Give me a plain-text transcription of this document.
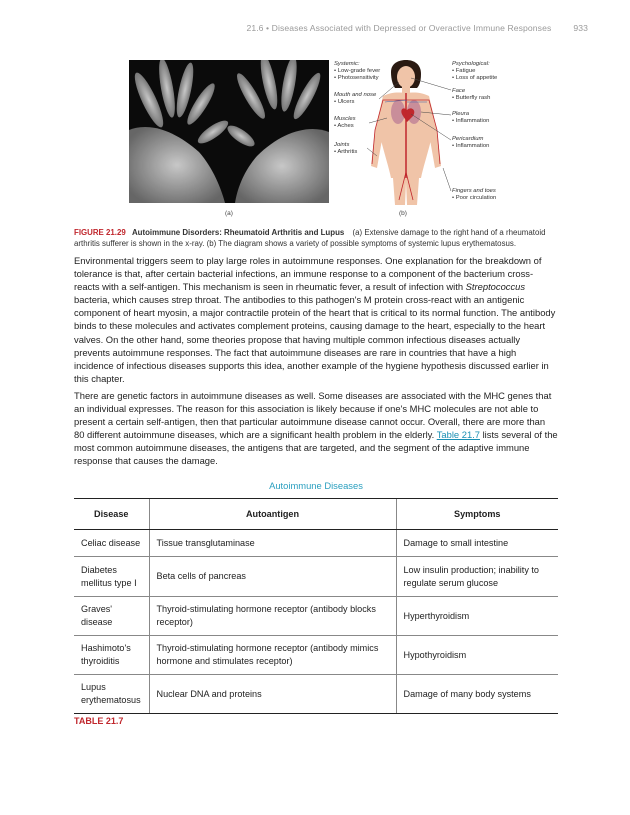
21.6 • Diseases Associated with Depressed or Overactive Immune Responses	933
(a)
Systemic:
• Low-grade fever
• Photosensitivity
Mouth and nose
• Ulcers
Muscles
• Aches
Joints
• Arthritis
Psychological:
• Fatigue
• Loss of appetite
Face
• Butterfly rash
Pleura
• Inflammation
Pericardium
• Inflammation
Fingers and toes
• Poor circulation
(b)
FIGURE 21.29 Autoimmune Disorders: Rheumatoid Arthritis and Lupus (a) Extensive damage to the right hand of a rheumatoid arthritis sufferer is shown in the x-ray. (b) The diagram shows a variety of possible symptoms of systemic lupus erythematosus.

Environmental triggers seem to play large roles in autoimmune responses. One explanation for the breakdown of tolerance is that, after certain bacterial infections, an immune response to a component of the bacterium cross-reacts with a self-antigen. This mechanism is seen in rheumatic fever, a result of infection with Streptococcus bacteria, which causes strep throat. The antibodies to this pathogen's M protein cross-react with an antigenic component of heart myosin, a major contractile protein of the heart that is critical to its normal function. The antibody binds to these molecules and activates complement proteins, causing damage to the heart, especially to the heart valves. On the other hand, some theories propose that having multiple common infectious diseases actually prevents autoimmune responses. The fact that autoimmune diseases are rare in countries that have a high incidence of infectious diseases supports this idea, another example of the hygiene hypothesis discussed earlier in this chapter.

There are genetic factors in autoimmune diseases as well. Some diseases are associated with the MHC genes that an individual expresses. The reason for this association is likely because if one's MHC molecules are not able to present a certain self-antigen, then that particular autoimmune disease cannot occur. Overall, there are more than 80 different autoimmune diseases, which are a significant health problem in the elderly. Table 21.7 lists several of the most common autoimmune diseases, the antigens that are targeted, and the segment of the adaptive immune response that causes the damage.

Autoimmune Diseases
Disease	Autoantigen	Symptoms
Celiac disease	Tissue transglutaminase	Damage to small intestine
Diabetes mellitus type I	Beta cells of pancreas	Low insulin production; inability to regulate serum glucose
Graves' disease	Thyroid-stimulating hormone receptor (antibody blocks receptor)	Hyperthyroidism
Hashimoto's thyroiditis	Thyroid-stimulating hormone receptor (antibody mimics hormone and stimulates receptor)	Hypothyroidism
Lupus erythematosus	Nuclear DNA and proteins	Damage of many body systems
TABLE 21.7
